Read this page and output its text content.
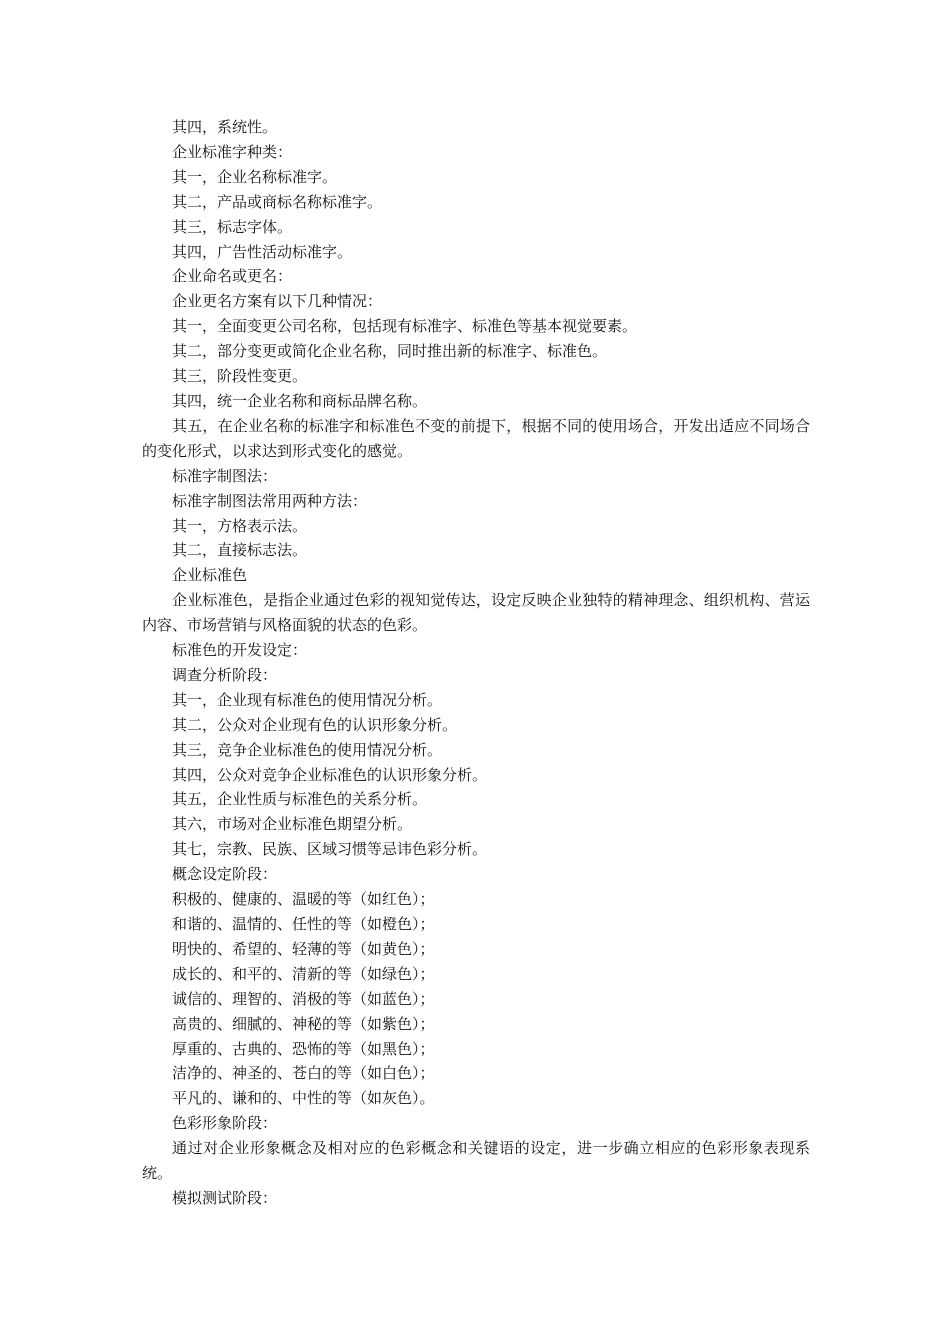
其四，系统性。

企业标准字种类：

其一，企业名称标准字。

其二，产品或商标名称标准字。

其三，标志字体。

其四，广告性活动标准字。

企业命名或更名：

企业更名方案有以下几种情况：

其一，全面变更公司名称，包括现有标准字、标准色等基本视觉要素。

其二，部分变更或简化企业名称，同时推出新的标准字、标准色。

其三，阶段性变更。

其四，统一企业名称和商标品牌名称。

其五，在企业名称的标准字和标准色不变的前提下，根据不同的使用场合，开发出适应不同场合的变化形式，以求达到形式变化的感觉。

标准字制图法：

标准字制图法常用两种方法：

其一，方格表示法。

其二，直接标志法。

企业标准色

企业标准色，是指企业通过色彩的视知觉传达，设定反映企业独特的精神理念、组织机构、营运内容、市场营销与风格面貌的状态的色彩。

标准色的开发设定：

调查分析阶段：

其一，企业现有标准色的使用情况分析。

其二，公众对企业现有色的认识形象分析。

其三，竞争企业标准色的使用情况分析。

其四，公众对竞争企业标准色的认识形象分析。

其五，企业性质与标准色的关系分析。

其六，市场对企业标准色期望分析。

其七，宗教、民族、区域习惯等忌讳色彩分析。

概念设定阶段：

积极的、健康的、温暖的等（如红色）；

和谐的、温情的、任性的等（如橙色）；

明快的、希望的、轻薄的等（如黄色）；

成长的、和平的、清新的等（如绿色）；

诚信的、理智的、消极的等（如蓝色）；

高贵的、细腻的、神秘的等（如紫色）；

厚重的、古典的、恐怖的等（如黑色）；

洁净的、神圣的、苍白的等（如白色）；

平凡的、谦和的、中性的等（如灰色）。

色彩形象阶段：

通过对企业形象概念及相对应的色彩概念和关键语的设定，进一步确立相应的色彩形象表现系统。

模拟测试阶段：
